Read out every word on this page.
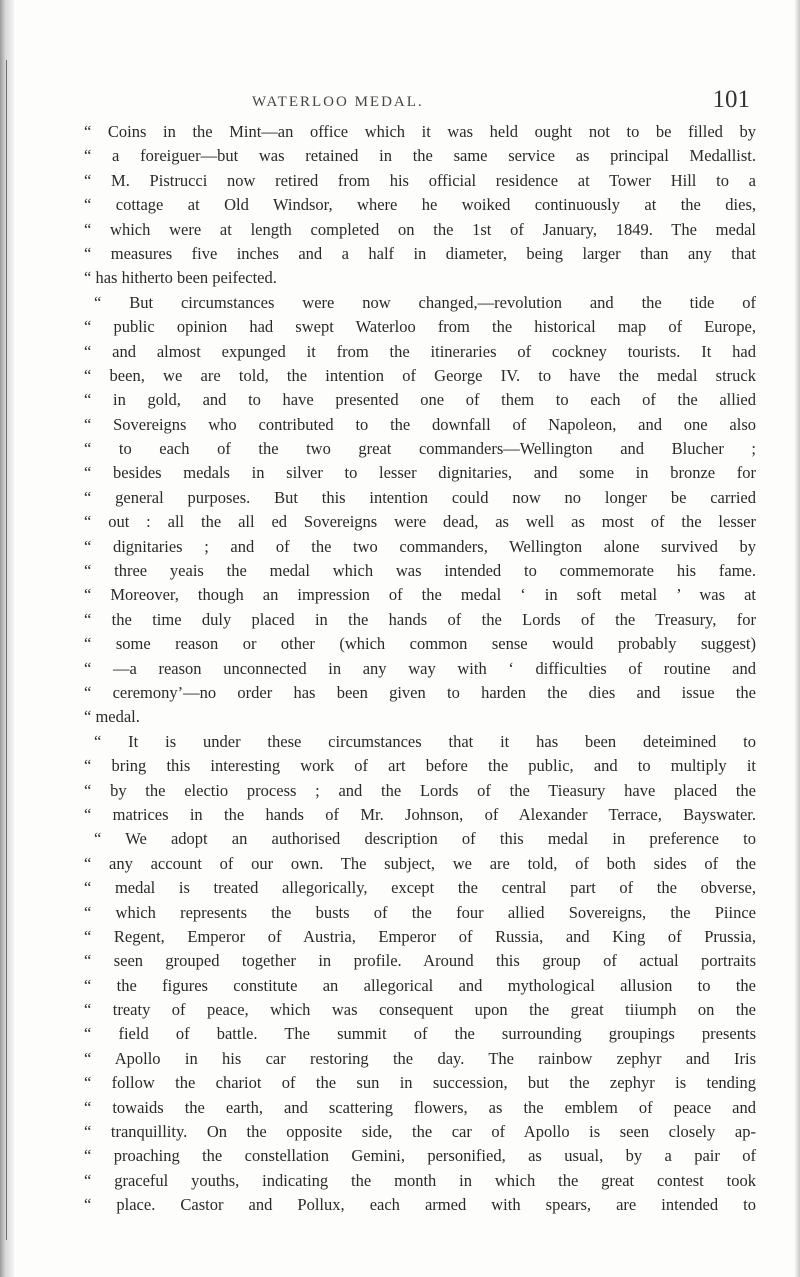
WATERLOO MEDAL.	101
“ Coins in the Mint—an office which it was held ought not to be filled by
“ a foreiguer—but was retained in the same service as principal Medallist.
“ M. Pistrucci now retired from his official residence at Tower Hill to a
“ cottage at Old Windsor, where he woiked continuously at the dies,
“ which were at length completed on the 1st of January, 1849. The medal
“ measures five inches and a half in diameter, being larger than any that
“ has hitherto been peifected.
“ But circumstances were now changed,—revolution and the tide of
“ public opinion had swept Waterloo from the historical map of Europe,
“ and almost expunged it from the itineraries of cockney tourists. It had
“ been, we are told, the intention of George IV. to have the medal struck
“ in gold, and to have presented one of them to each of the allied
“ Sovereigns who contributed to the downfall of Napoleon, and one also
“ to each of the two great commanders—Wellington and Blucher ;
“ besides medals in silver to lesser dignitaries, and some in bronze for
“ general purposes. But this intention could now no longer be carried
“ out : all the all ed Sovereigns were dead, as well as most of the lesser
“ dignitaries ; and of the two commanders, Wellington alone survived by
“ three yeais the medal which was intended to commemorate his fame.
“ Moreover, though an impression of the medal ‘ in soft metal ’ was at
“ the time duly placed in the hands of the Lords of the Treasury, for
“ some reason or other (which common sense would probably suggest)
“ —a reason unconnected in any way with ‘ difficulties of routine and
“ ceremony’—no order has been given to harden the dies and issue the
“ medal.
“ It is under these circumstances that it has been deteimined to
“ bring this interesting work of art before the public, and to multiply it
“ by the electio process ; and the Lords of the Tieasury have placed the
“ matrices in the hands of Mr. Johnson, of Alexander Terrace, Bayswater.
“ We adopt an authorised description of this medal in preference to
“ any account of our own. The subject, we are told, of both sides of the
“ medal is treated allegorically, except the central part of the obverse,
“ which represents the busts of the four allied Sovereigns, the Piince
“ Regent, Emperor of Austria, Emperor of Russia, and King of Prussia,
“ seen grouped together in profile. Around this group of actual portraits
“ the figures constitute an allegorical and mythological allusion to the
“ treaty of peace, which was consequent upon the great tiiumph on the
“ field of battle. The summit of the surrounding groupings presents
“ Apollo in his car restoring the day. The rainbow zephyr and Iris
“ follow the chariot of the sun in succession, but the zephyr is tending
“ towaids the earth, and scattering flowers, as the emblem of peace and
“ tranquillity. On the opposite side, the car of Apollo is seen closely ap-
“ proaching the constellation Gemini, personified, as usual, by a pair of
“ graceful youths, indicating the month in which the great contest took
“ place. Castor and Pollux, each armed with spears, are intended to
